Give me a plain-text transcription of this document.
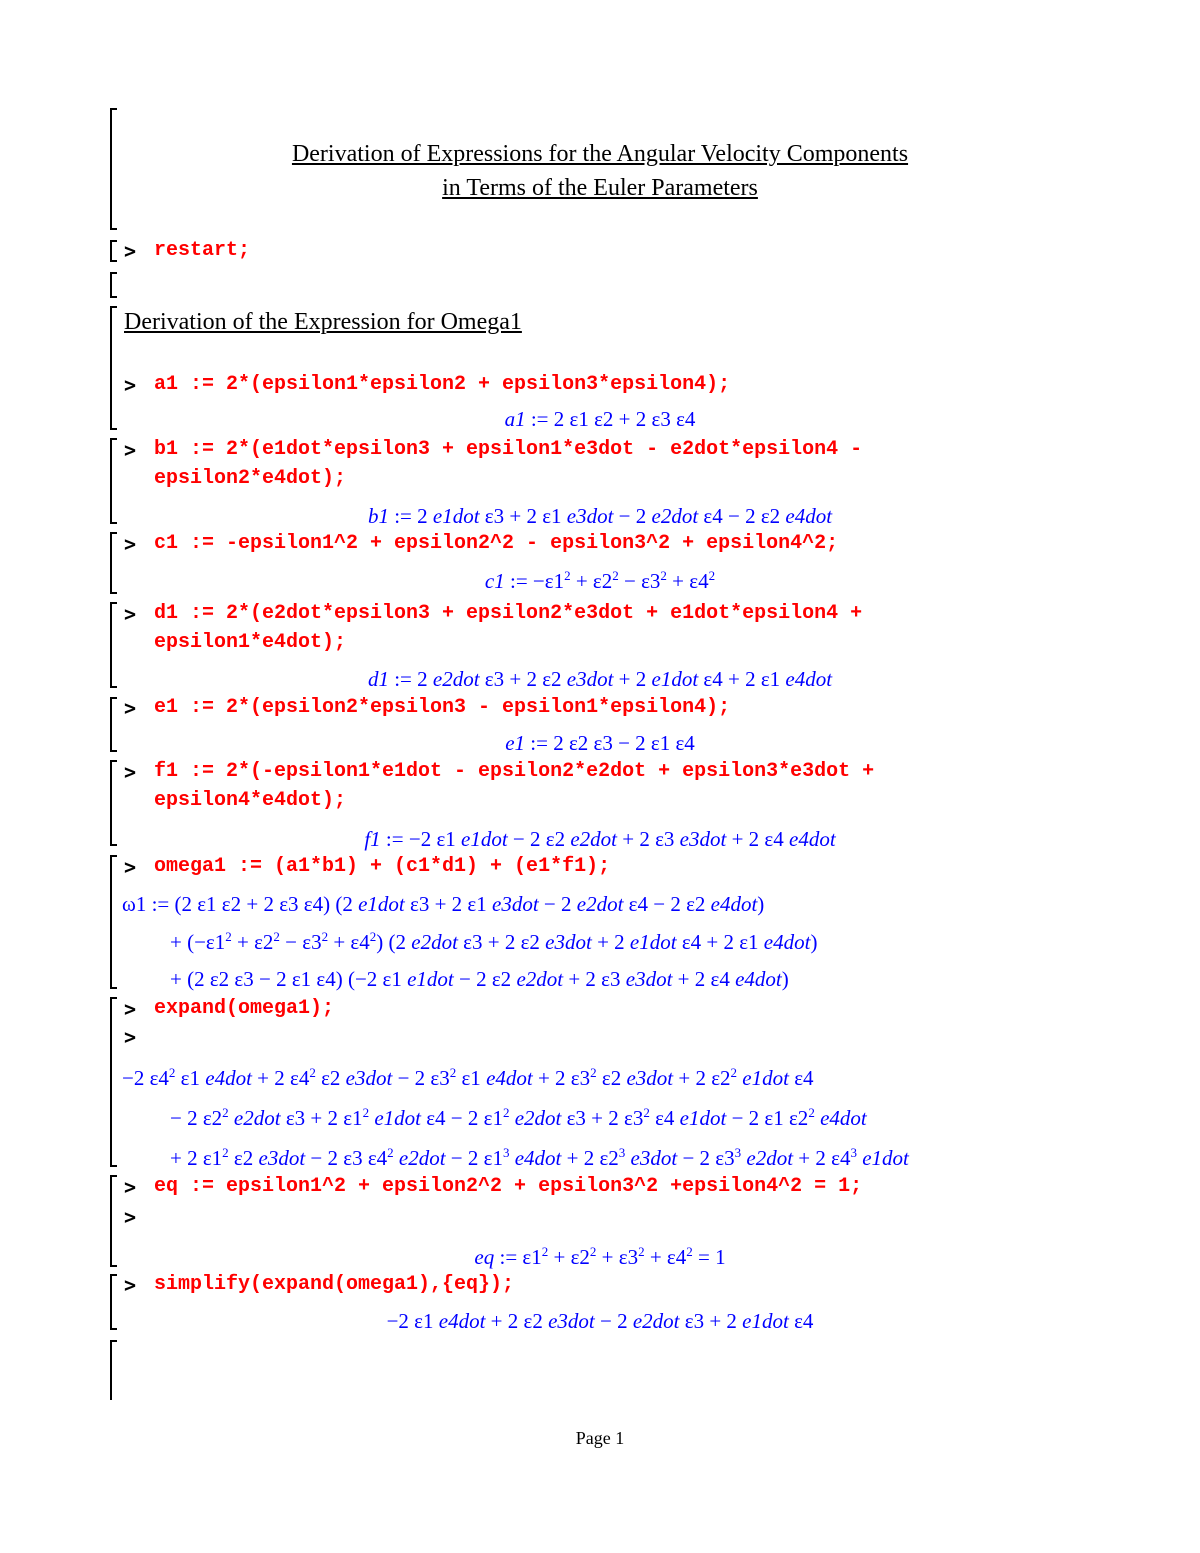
Derivation of Expressions for the Angular Velocity Components
in Terms of the Euler Parameters
> restart;
Derivation of the Expression for Omega1
> a1 := 2*(epsilon1*epsilon2 + epsilon3*epsilon4);
a1 := 2 ε1 ε2 + 2 ε3 ε4
> b1 := 2*(e1dot*epsilon3 + epsilon1*e3dot - e2dot*epsilon4 -
epsilon2*e4dot);
b1 := 2 e1dot ε3 + 2 ε1 e3dot − 2 e2dot ε4 − 2 ε2 e4dot
> c1 := -epsilon1^2 + epsilon2^2 - epsilon3^2 + epsilon4^2;
c1 := $-\varepsilon 1^2 + \varepsilon 2^2 - \varepsilon 3^2 + \varepsilon 4^2$
> d1 := 2*(e2dot*epsilon3 + epsilon2*e3dot + e1dot*epsilon4 +
epsilon1*e4dot);
d1 := 2 e2dot ε3 + 2 ε2 e3dot + 2 e1dot ε4 + 2 ε1 e4dot
> e1 := 2*(epsilon2*epsilon3 - epsilon1*epsilon4);
e1 := 2 ε2 ε3 − 2 ε1 ε4
> f1 := 2*(-epsilon1*e1dot - epsilon2*e2dot + epsilon3*e3dot +
epsilon4*e4dot);
f1 := −2 ε1 e1dot − 2 ε2 e2dot + 2 ε3 e3dot + 2 ε4 e4dot
> omega1 := (a1*b1) + (c1*d1) + (e1*f1);
ω1 := (2 ε1 ε2 + 2 ε3 ε4) (2 e1dot ε3 + 2 ε1 e3dot − 2 e2dot ε4 − 2 ε2 e4dot)
+ $(-\varepsilon 1^2 + \varepsilon 2^2 - \varepsilon 3^2 + \varepsilon 4^2)$ (2 e2dot ε3 + 2 ε2 e3dot + 2 e1dot ε4 + 2 ε1 e4dot)
+ (2 ε2 ε3 − 2 ε1 ε4) (−2 ε1 e1dot − 2 ε2 e2dot + 2 ε3 e3dot + 2 ε4 e4dot)
> expand(omega1);
>
−2 $\varepsilon 4^2$ ε1 e4dot + 2 $\varepsilon 4^2$ ε2 e3dot − 2 $\varepsilon 3^2$ ε1 e4dot + 2 $\varepsilon 3^2$ ε2 e3dot + 2 $\varepsilon 2^2$ e1dot ε4
− 2 $\varepsilon 2^2$ e2dot ε3 + 2 $\varepsilon 1^2$ e1dot ε4 − 2 $\varepsilon 1^2$ e2dot ε3 + 2 $\varepsilon 3^2$ ε4 e1dot − 2 ε1 $\varepsilon 2^2$ e4dot
+ 2 $\varepsilon 1^2$ ε2 e3dot − 2 ε3 $\varepsilon 4^2$ e2dot − 2 $\varepsilon 1^3$ e4dot + 2 $\varepsilon 2^3$ e3dot − 2 $\varepsilon 3^3$ e2dot + 2 $\varepsilon 4^3$ e1dot
> eq := epsilon1^2 + epsilon2^2 + epsilon3^2 +epsilon4^2 = 1;
>
eq := $\varepsilon 1^2 + \varepsilon 2^2 + \varepsilon 3^2 + \varepsilon 4^2 = 1$
> simplify(expand(omega1),{eq});
−2 ε1 e4dot + 2 ε2 e3dot − 2 e2dot ε3 + 2 e1dot ε4
Page 1
